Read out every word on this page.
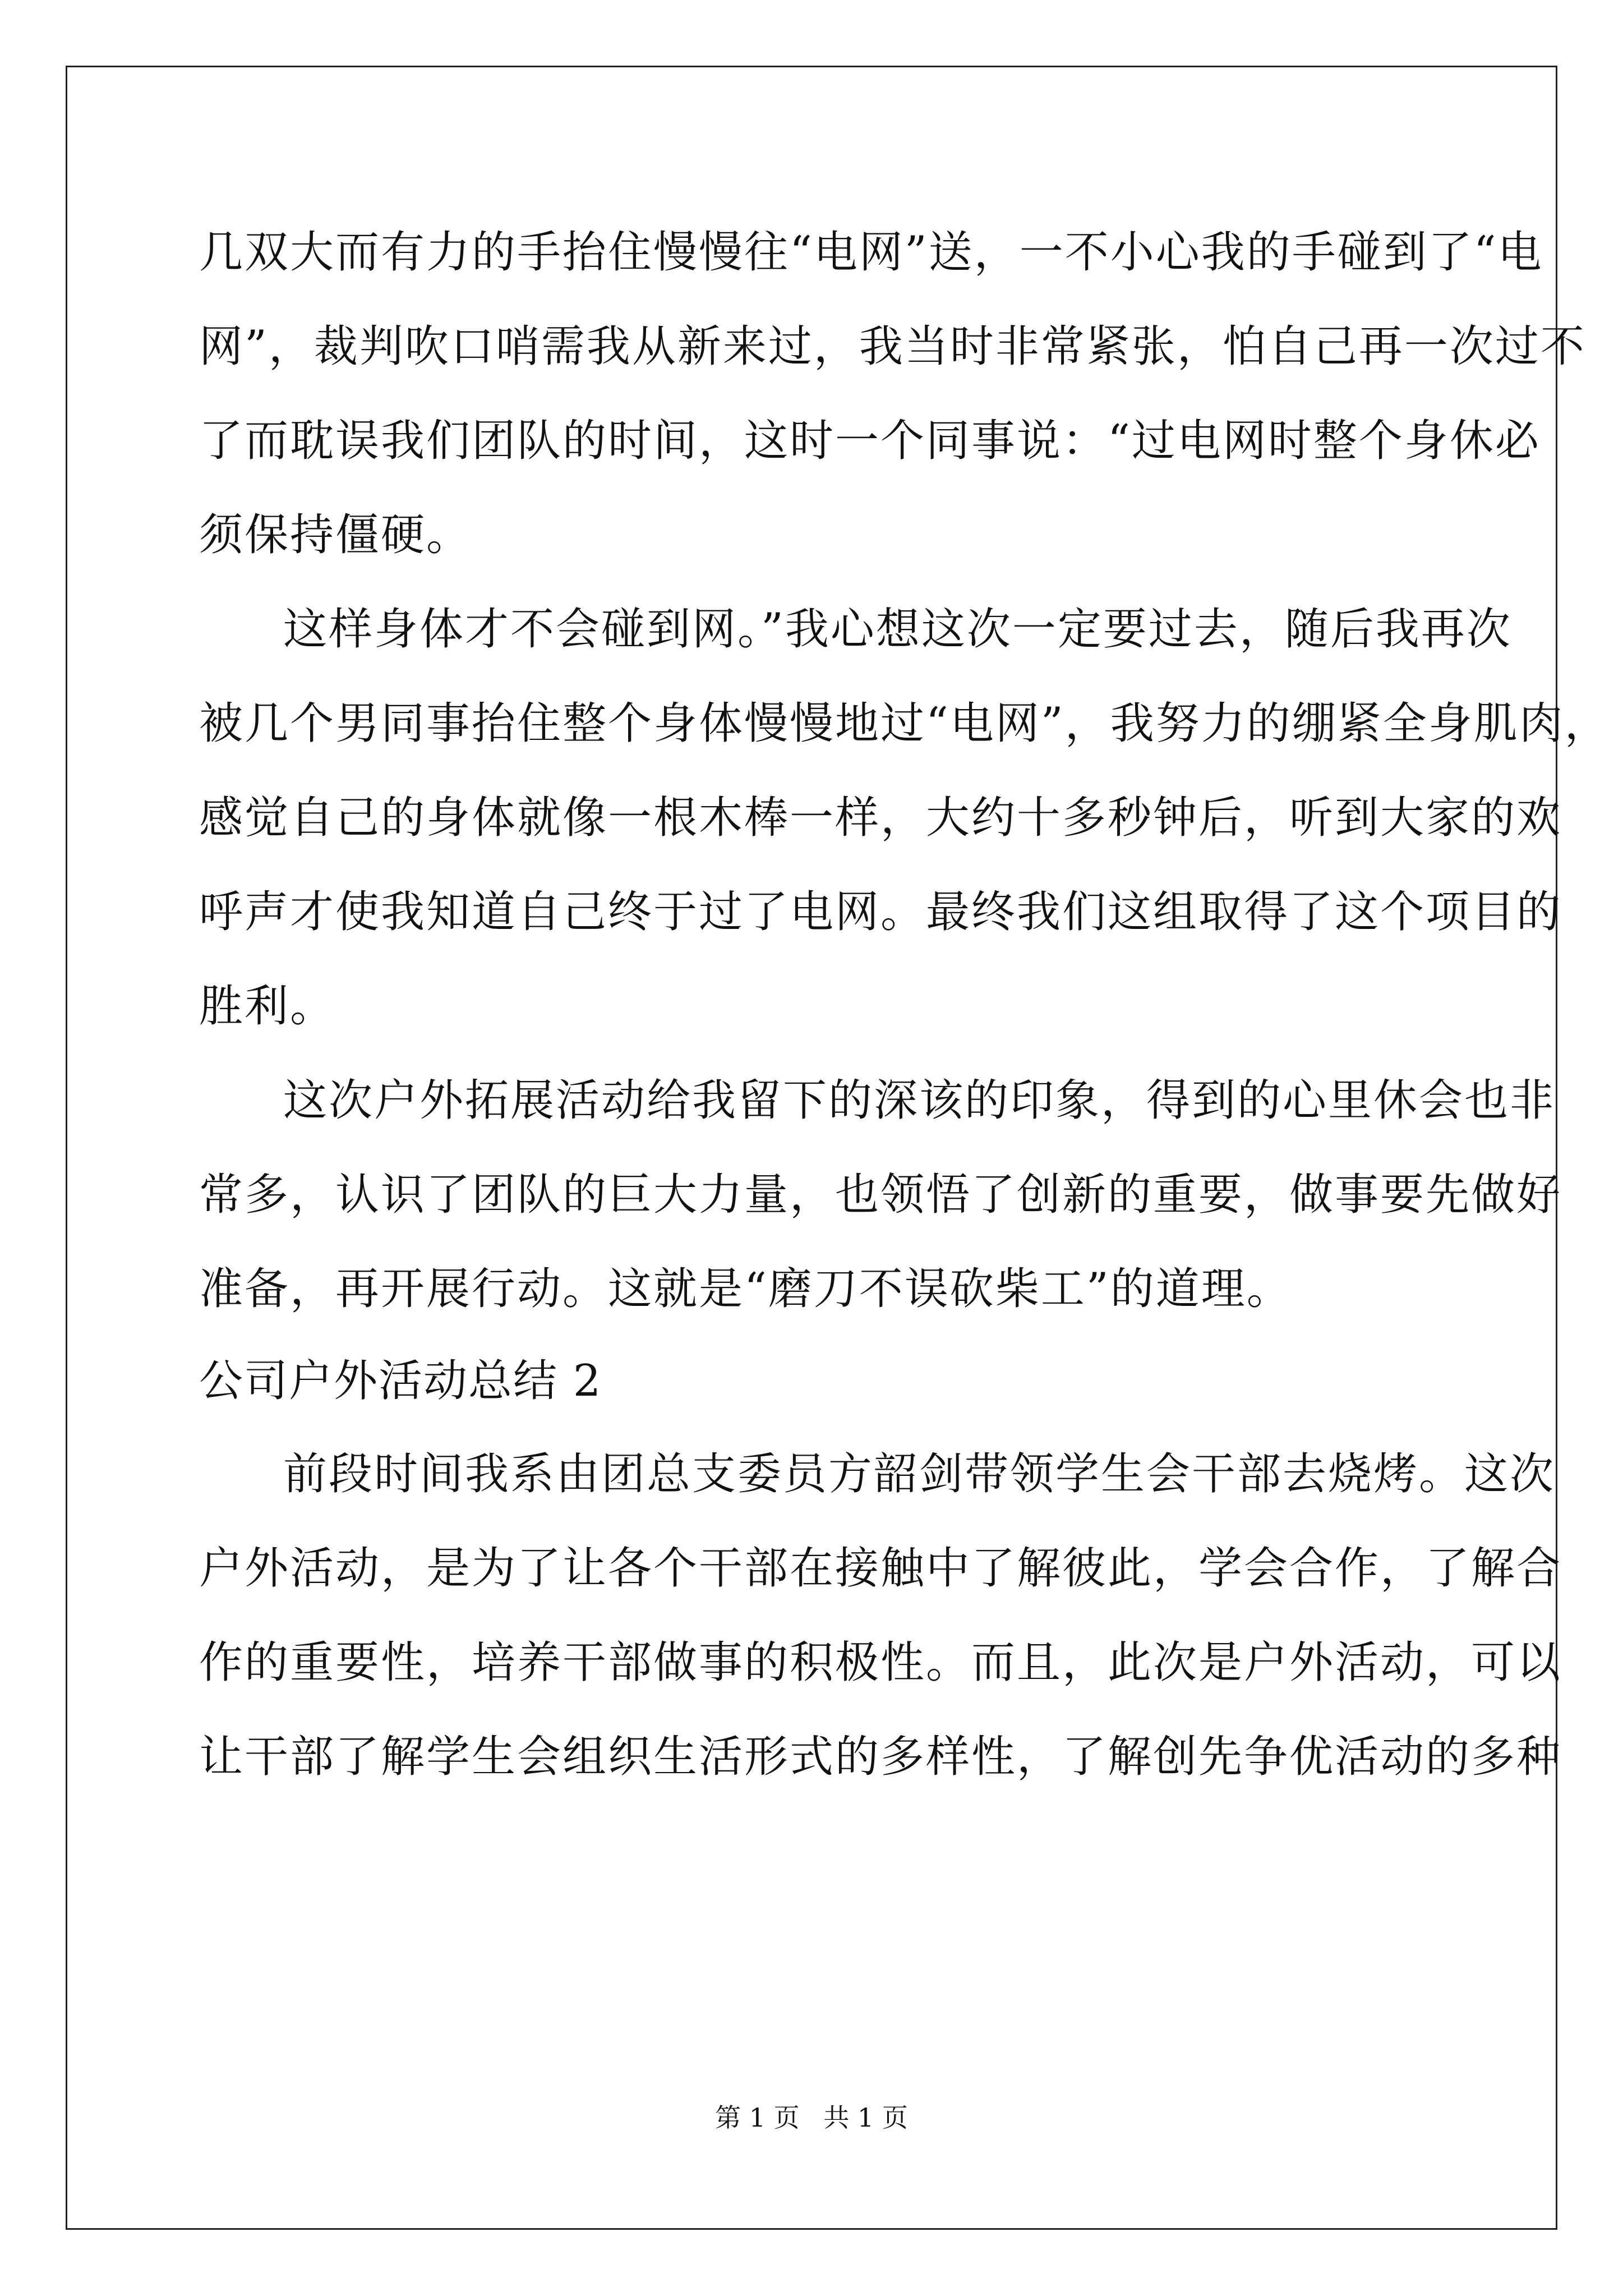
几双大而有力的手抬住慢慢往“电网”送，一不小心我的手碰到了“电
网”，裁判吹口哨需我从新来过，我当时非常紧张，怕自己再一次过不
了而耽误我们团队的时间，这时一个同事说：“过电网时整个身休必
须保持僵硬。
这样身体才不会碰到网。”我心想这次一定要过去，随后我再次
被几个男同事抬住整个身体慢慢地过“电网”，我努力的绷紧全身肌肉，
感觉自己的身体就像一根木棒一样，大约十多秒钟后，听到大家的欢
呼声才使我知道自己终于过了电网。最终我们这组取得了这个项目的
胜利。
这次户外拓展活动给我留下的深该的印象，得到的心里休会也非
常多，认识了团队的巨大力量，也领悟了创新的重要，做事要先做好
准备，再开展行动。这就是“磨刀不误砍柴工”的道理。
公司户外活动总结 2
前段时间我系由团总支委员方韶剑带领学生会干部去烧烤。这次
户外活动，是为了让各个干部在接触中了解彼此，学会合作，了解合
作的重要性，培养干部做事的积极性。而且，此次是户外活动，可以
让干部了解学生会组织生活形式的多样性，了解创先争优活动的多种
第 1 页 共 1 页
